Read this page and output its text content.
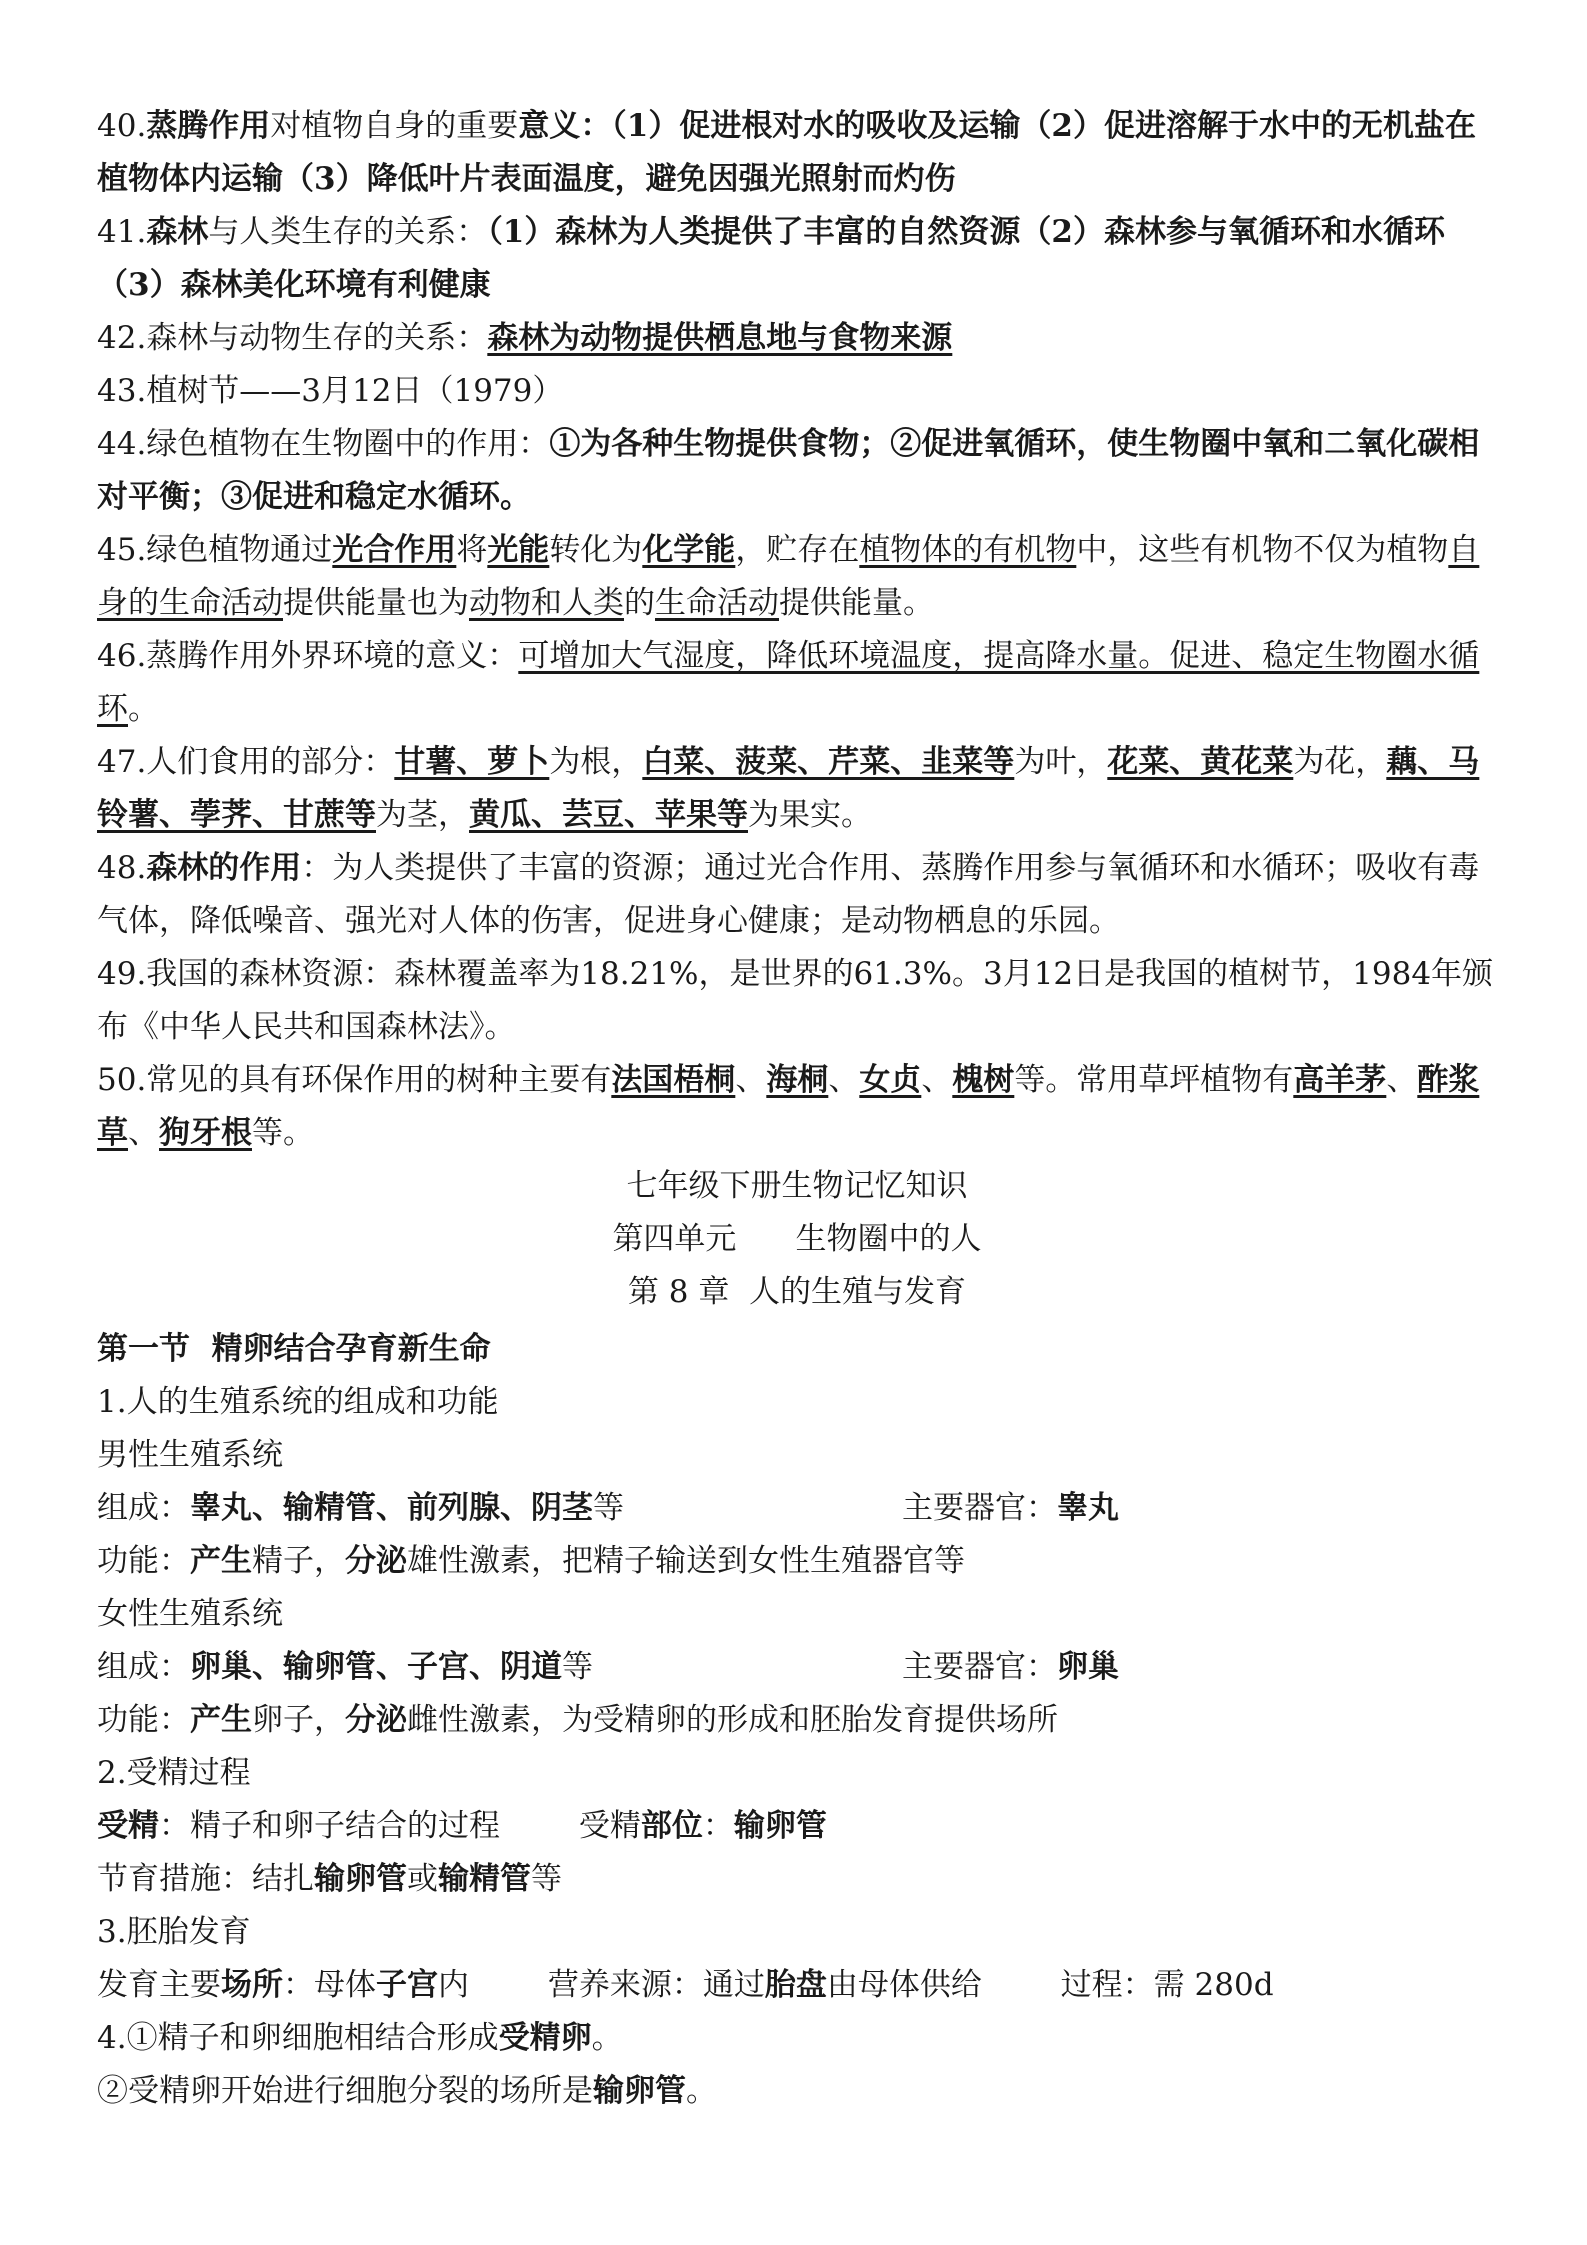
40.蒸腾作用对植物自身的重要意义：（1）促进根对水的吸收及运输（2）促进溶解于水中的无机盐在植物体内运输（3）降低叶片表面温度，避免因强光照射而灼伤

41.森林与人类生存的关系：（1）森林为人类提供了丰富的自然资源（2）森林参与氧循环和水循环（3）森林美化环境有利健康

42.森林与动物生存的关系：森林为动物提供栖息地与食物来源

43.植树节——3月12日（1979）

44.绿色植物在生物圈中的作用：①为各种生物提供食物；②促进氧循环，使生物圈中氧和二氧化碳相对平衡；③促进和稳定水循环。

45.绿色植物通过光合作用将光能转化为化学能，贮存在植物体的有机物中，这些有机物不仅为植物自身的生命活动提供能量也为动物和人类的生命活动提供能量。

46.蒸腾作用外界环境的意义：可增加大气湿度，降低环境温度，提高降水量。促进、稳定生物圈水循环。

47.人们食用的部分：甘薯、萝卜为根，白菜、菠菜、芹菜、韭菜等为叶，花菜、黄花菜为花，藕、马铃薯、荸荠、甘蔗等为茎，黄瓜、芸豆、苹果等为果实。

48.森林的作用：为人类提供了丰富的资源；通过光合作用、蒸腾作用参与氧循环和水循环；吸收有毒气体，降低噪音、强光对人体的伤害，促进身心健康；是动物栖息的乐园。

49.我国的森林资源：森林覆盖率为18.21%，是世界的61.3%。3月12日是我国的植树节，1984年颁布《中华人民共和国森林法》。

50.常见的具有环保作用的树种主要有法国梧桐、海桐、女贞、槐树等。常用草坪植物有高羊茅、酢浆草、狗牙根等。

七年级下册生物记忆知识

第四单元      生物圈中的人

第 8 章  人的生殖与发育

第一节  精卵结合孕育新生命

1.人的生殖系统的组成和功能

男性生殖系统

组成：睾丸、输精管、前列腺、阴茎等	主要器官：睾丸

功能：产生精子，分泌雄性激素，把精子输送到女性生殖器官等

女性生殖系统

组成：卵巢、输卵管、子宫、阴道等	主要器官：卵巢

功能：产生卵子，分泌雌性激素，为受精卵的形成和胚胎发育提供场所

2.受精过程

受精：精子和卵子结合的过程        受精部位：输卵管

节育措施：结扎输卵管或输精管等

3.胚胎发育

发育主要场所：母体子宫内        营养来源：通过胎盘由母体供给        过程：需 280d

4.①精子和卵细胞相结合形成受精卵。

②受精卵开始进行细胞分裂的场所是输卵管。
